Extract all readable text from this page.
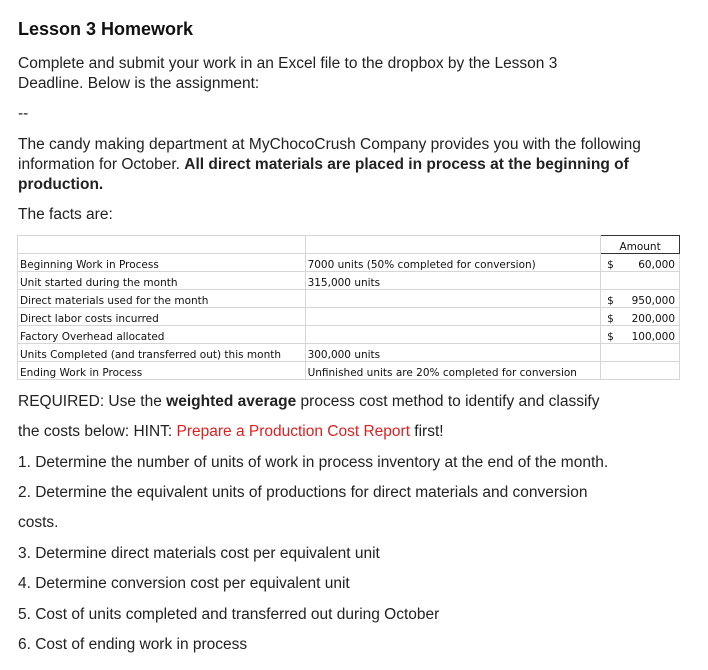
Lesson 3 Homework
Complete and submit your work in an Excel file to the dropbox by the Lesson 3 Deadline. Below is the assignment:
--
The candy making department at MyChocoCrush Company provides you with the following information for October. All direct materials are placed in process at the beginning of production.
The facts are:
		Amount
Beginning Work in Process	7000 units (50% completed for conversion)	$ 60,000

Unit started during the month	315,000 units	

Direct materials used for the month		$ 950,000

Direct labor costs incurred		$ 200,000

Factory Overhead allocated		$ 100,000

Units Completed (and transferred out) this month	300,000 units	

Ending Work in Process	Unfinished units are 20% completed for conversion	
REQUIRED: Use the weighted average process cost method to identify and classify
the costs below: HINT: Prepare a Production Cost Report first!
1. Determine the number of units of work in process inventory at the end of the month.
2. Determine the equivalent units of productions for direct materials and conversion
costs.
3. Determine direct materials cost per equivalent unit
4. Determine conversion cost per equivalent unit
5. Cost of units completed and transferred out during October
6. Cost of ending work in process
